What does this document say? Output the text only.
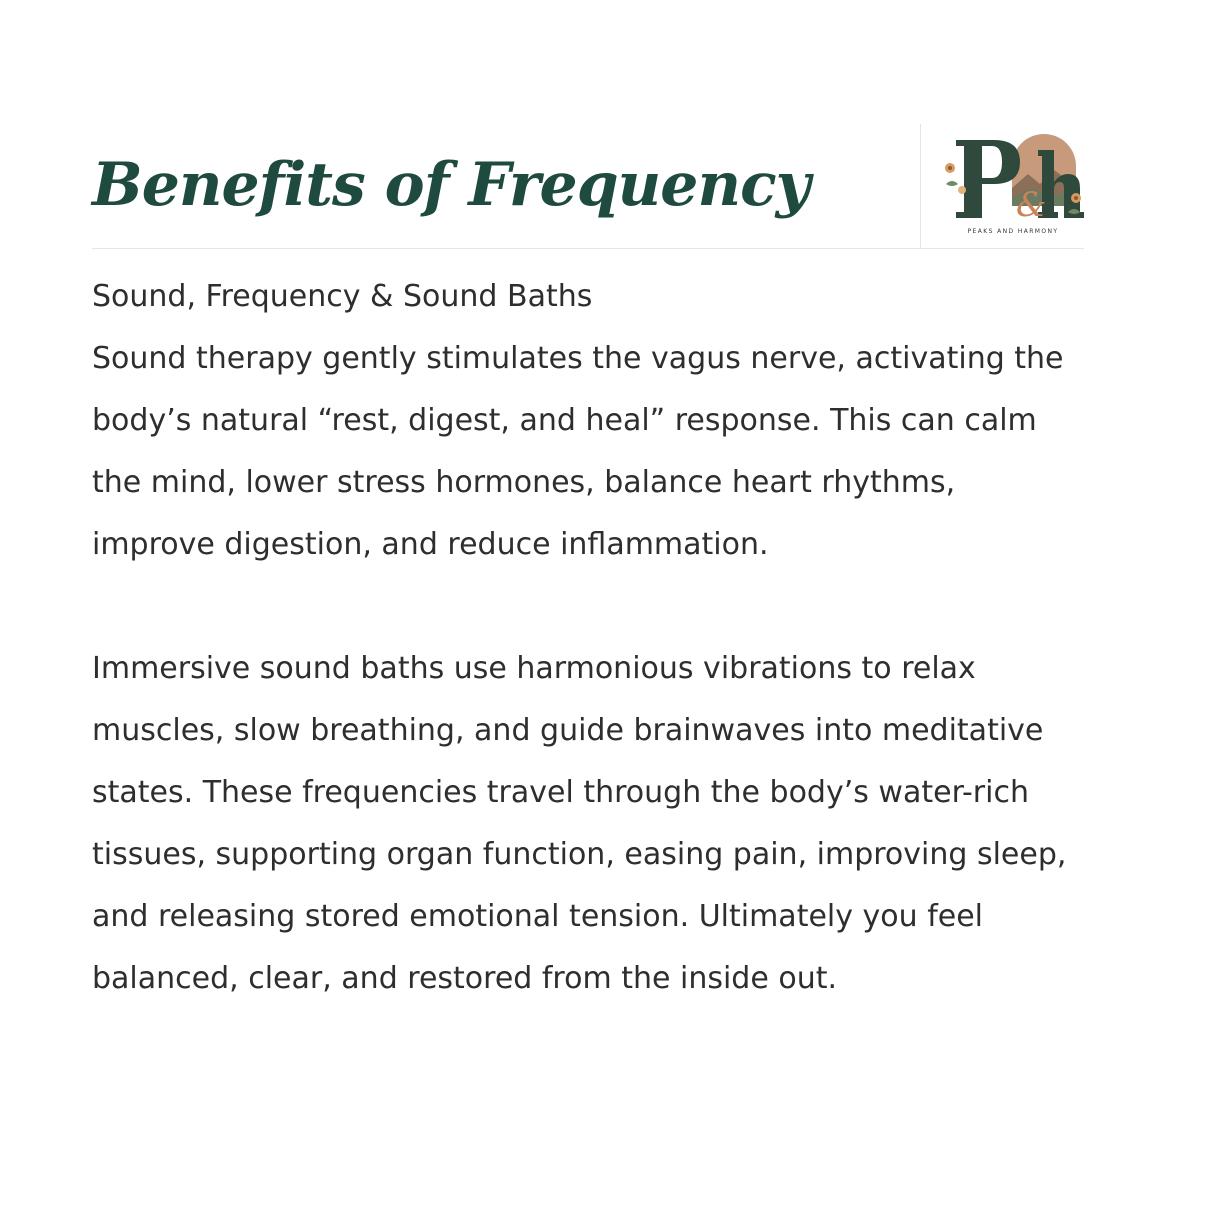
Benefits of Frequency	&
PEAKS AND HARMONY

Sound, Frequency & Sound Baths

Sound therapy gently stimulates the vagus nerve, activating the body’s natural “rest, digest, and heal” response. This can calm the mind, lower stress hormones, balance heart rhythms, improve digestion, and reduce inflammation.

Immersive sound baths use harmonious vibrations to relax muscles, slow breathing, and guide brainwaves into meditative states. These frequencies travel through the body’s water-rich tissues, supporting organ function, easing pain, improving sleep, and releasing stored emotional tension. Ultimately you feel balanced, clear, and restored from the inside out.
